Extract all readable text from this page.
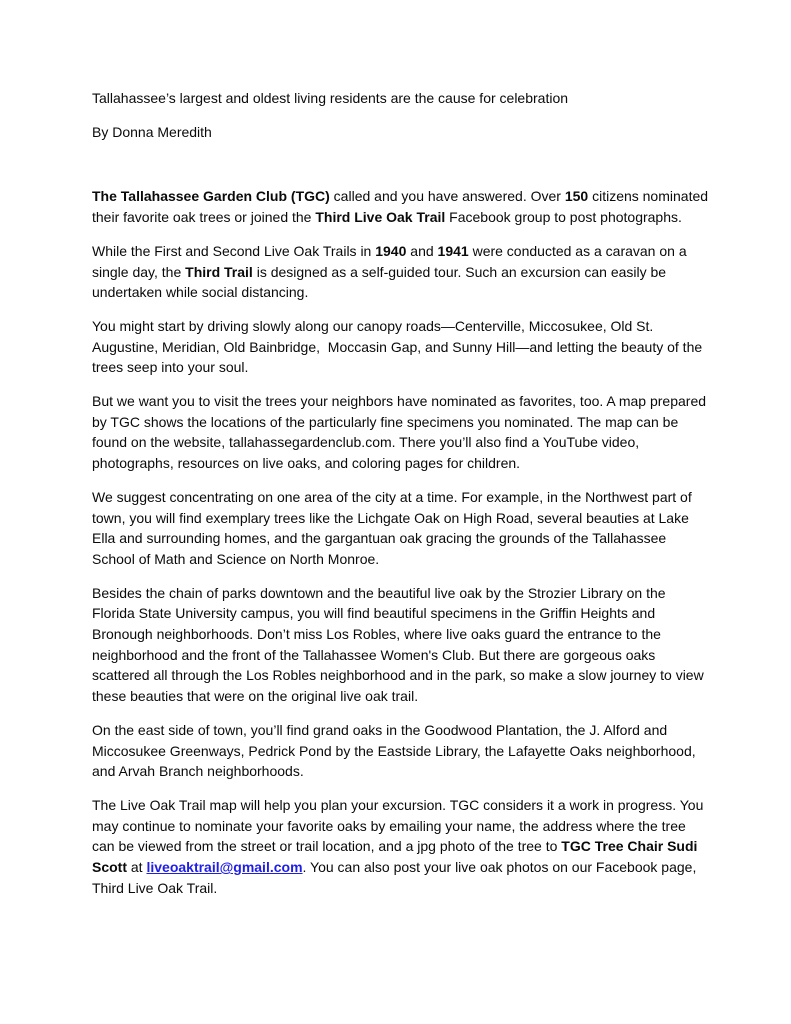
Tallahassee’s largest and oldest living residents are the cause for celebration

By Donna Meredith

The Tallahassee Garden Club (TGC) called and you have answered. Over 150 citizens nominated their favorite oak trees or joined the Third Live Oak Trail Facebook group to post photographs.

While the First and Second Live Oak Trails in 1940 and 1941 were conducted as a caravan on a single day, the Third Trail is designed as a self-guided tour. Such an excursion can easily be undertaken while social distancing.

You might start by driving slowly along our canopy roads—Centerville, Miccosukee, Old St. Augustine, Meridian, Old Bainbridge,  Moccasin Gap, and Sunny Hill—and letting the beauty of the trees seep into your soul.

But we want you to visit the trees your neighbors have nominated as favorites, too. A map prepared by TGC shows the locations of the particularly fine specimens you nominated. The map can be found on the website, tallahassegardenclub.com. There you’ll also find a YouTube video, photographs, resources on live oaks, and coloring pages for children.

We suggest concentrating on one area of the city at a time. For example, in the Northwest part of town, you will find exemplary trees like the Lichgate Oak on High Road, several beauties at Lake Ella and surrounding homes, and the gargantuan oak gracing the grounds of the Tallahassee School of Math and Science on North Monroe.

Besides the chain of parks downtown and the beautiful live oak by the Strozier Library on the Florida State University campus, you will find beautiful specimens in the Griffin Heights and Bronough neighborhoods. Don’t miss Los Robles, where live oaks guard the entrance to the neighborhood and the front of the Tallahassee Women's Club. But there are gorgeous oaks scattered all through the Los Robles neighborhood and in the park, so make a slow journey to view these beauties that were on the original live oak trail.

On the east side of town, you’ll find grand oaks in the Goodwood Plantation, the J. Alford and Miccosukee Greenways, Pedrick Pond by the Eastside Library, the Lafayette Oaks neighborhood, and Arvah Branch neighborhoods.

The Live Oak Trail map will help you plan your excursion. TGC considers it a work in progress. You may continue to nominate your favorite oaks by emailing your name, the address where the tree can be viewed from the street or trail location, and a jpg photo of the tree to TGC Tree Chair Sudi Scott at liveoaktrail@gmail.com. You can also post your live oak photos on our Facebook page, Third Live Oak Trail.
